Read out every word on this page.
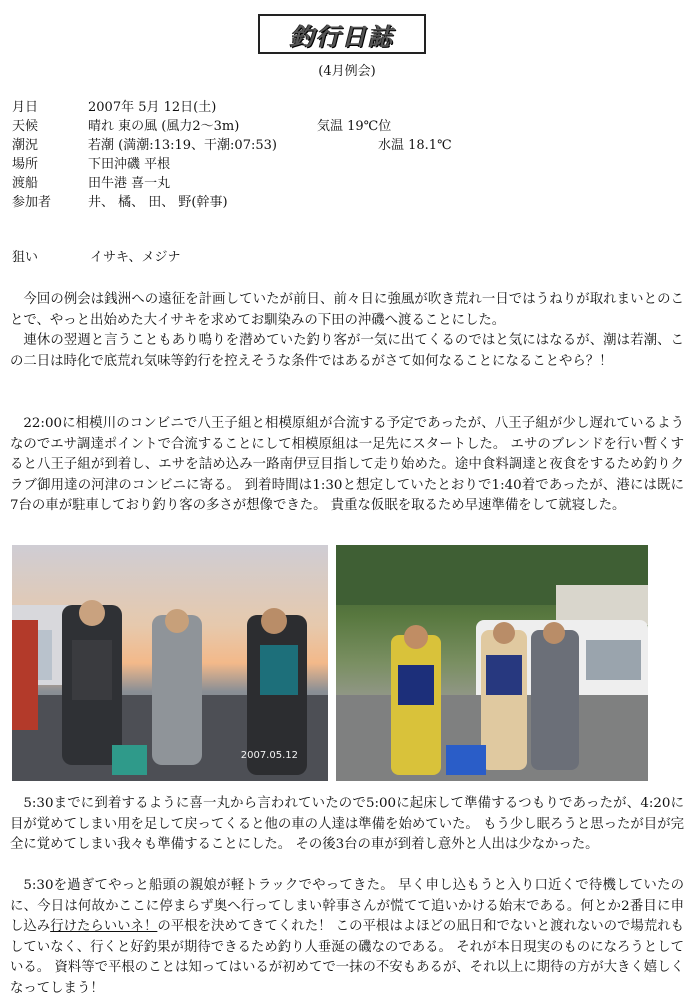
釣行日誌
(4月例会)
月日	2007年 5月 12日(土)
天候	晴れ 東の風 (風力2～3m)	気温 19℃位
潮況	若潮 (満潮:13:19、干潮:07:53)	水温 18.1℃
場所	下田沖磯 平根
渡船	田牛港 喜一丸
参加者	井、 橘、 田、 野(幹事)
狙い	イサキ、メジナ

今回の例会は銭洲への遠征を計画していたが前日、前々日に強風が吹き荒れ一日ではうねりが取れまいとのことで、やっと出始めた大イサキを求めてお馴染みの下田の沖磯へ渡ることにした。

連休の翌週と言うこともあり鳴りを潜めていた釣り客が一気に出てくるのではと気にはなるが、潮は若潮、この二日は時化で底荒れ気味等釣行を控えそうな条件ではあるがさて如何なることになることやら？！

22:00に相模川のコンビニで八王子組と相模原組が合流する予定であったが、八王子組が少し遅れているようなのでエサ調達ポイントで合流することにして相模原組は一足先にスタートした。 エサのブレンドを行い暫くすると八王子組が到着し、エサを詰め込み一路南伊豆目指して走り始めた。途中食料調達と夜食をするため釣りクラブ御用達の河津のコンビニに寄る。 到着時間は1:30と想定していたとおりで1:40着であったが、港には既に7台の車が駐車しており釣り客の多さが想像できた。 貴重な仮眠を取るため早速準備をして就寝した。

2007.05.12

5:30までに到着するように喜一丸から言われていたので5:00に起床して準備するつもりであったが、4:20に目が覚めてしまい用を足して戻ってくると他の車の人達は準備を始めていた。 もう少し眠ろうと思ったが目が完全に覚めてしまい我々も準備することにした。 その後3台の車が到着し意外と人出は少なかった。

5:30を過ぎてやっと船頭の親娘が軽トラックでやってきた。 早く申し込もうと入り口近くで待機していたのに、今日は何故かここに停まらず奥へ行ってしまい幹事さんが慌てて追いかける始末である。何とか2番目に申し込み行けたらいいネ！の平根を決めてきてくれた！ この平根はよほどの凪日和でないと渡れないので場荒れもしていなく、行くと好釣果が期待できるため釣り人垂涎の磯なのである。 それが本日現実のものになろうとしている。 資料等で平根のことは知ってはいるが初めてで一抹の不安もあるが、それ以上に期待の方が大きく嬉しくなってしまう！
